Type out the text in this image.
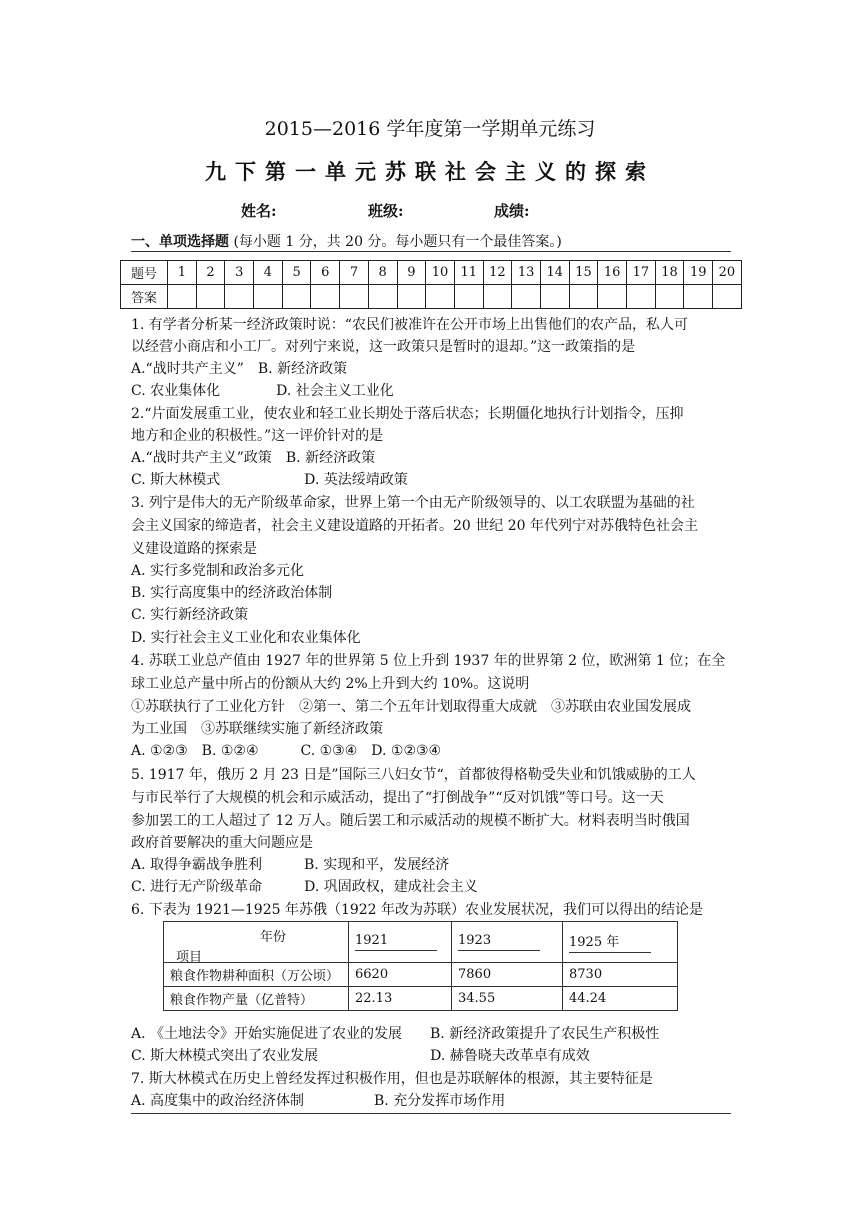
2015—2016 学年度第一学期单元练习
九下第一单元苏联社会主义的探索
姓名:	班级:	成绩:
一、单项选择题 (每小题 1 分，共 20 分。每小题只有一个最佳答案。)
题号	1	2	3	4	5	6	7	8	9	10	11	12	13	14	15	16	17	18	19	20
答案																				
1. 有学者分析某一经济政策时说：“农民们被准许在公开市场上出售他们的农产品，私人可
以经营小商店和小工厂。对列宁来说，这一政策只是暂时的退却。”这一政策指的是
A.“战时共产主义”　B. 新经济政策
C. 农业集体化　　　　D. 社会主义工业化
2.“片面发展重工业，使农业和轻工业长期处于落后状态；长期僵化地执行计划指令，压抑
地方和企业的积极性。”这一评价针对的是
A.“战时共产主义”政策　B. 新经济政策
C. 斯大林模式　　　　　　D. 英法绥靖政策
3. 列宁是伟大的无产阶级革命家，世界上第一个由无产阶级领导的、以工农联盟为基础的社
会主义国家的缔造者，社会主义建设道路的开拓者。20 世纪 20 年代列宁对苏俄特色社会主
义建设道路的探索是
A. 实行多党制和政治多元化
B. 实行高度集中的经济政治体制
C. 实行新经济政策
D. 实行社会主义工业化和农业集体化
4. 苏联工业总产值由 1927 年的世界第 5 位上升到 1937 年的世界第 2 位，欧洲第 1 位；在全
球工业总产量中所占的份额从大约 2%上升到大约 10%。这说明
①苏联执行了工业化方针　②第一、第二个五年计划取得重大成就　③苏联由农业国发展成
为工业国　③苏联继续实施了新经济政策
A. ①②③　B. ①②④　　　C. ①③④　D. ①②③④
5. 1917 年，俄历 2 月 23 日是”国际三八妇女节“，首都彼得格勒受失业和饥饿威胁的工人
与市民举行了大规模的机会和示威活动，提出了“打倒战争”“反对饥饿”等口号。这一天
参加罢工的工人超过了 12 万人。随后罢工和示威活动的规模不断扩大。材料表明当时俄国
政府首要解决的重大问题应是
A. 取得争霸战争胜利　　　B. 实现和平，发展经济
C. 进行无产阶级革命　　　D. 巩固政权，建成社会主义
6. 下表为 1921—1925 年苏俄（1922 年改为苏联）农业发展状况，我们可以得出的结论是
年份
项目	1921	1923	1925 年
粮食作物耕种面积（万公顷）	6620	7860	8730
粮食作物产量（亿普特）	22.13	34.55	44.24
A. 《土地法令》开始实施促进了农业的发展　　B. 新经济政策提升了农民生产积极性
C. 斯大林模式突出了农业发展　　　　　　　　D. 赫鲁晓夫改革卓有成效
7. 斯大林模式在历史上曾经发挥过积极作用，但也是苏联解体的根源，其主要特征是
A. 高度集中的政治经济体制　　　　　B. 充分发挥市场作用
